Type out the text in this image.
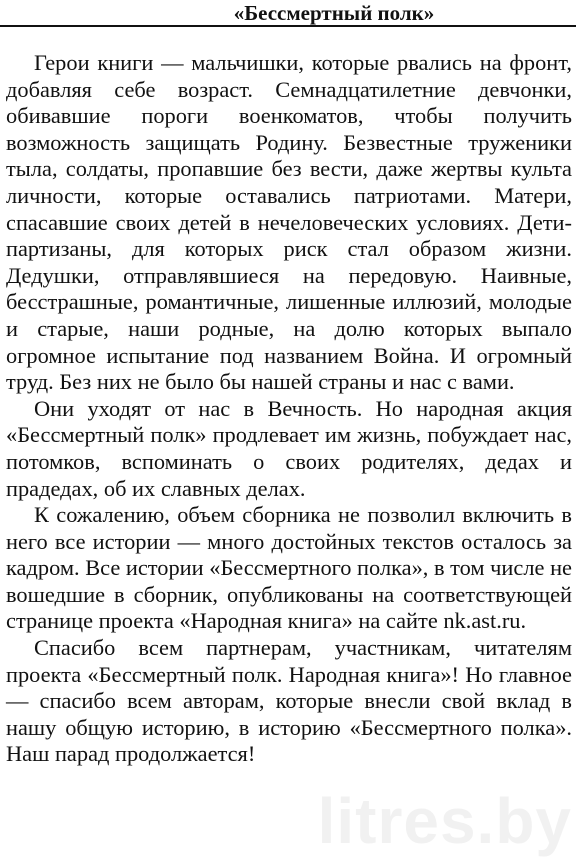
«Бессмертный полк»

Герои книги — мальчишки, которые рвались на фронт, добавляя себе возраст. Семнадцатилетние девчонки, обивавшие пороги военкоматов, чтобы получить возможность защищать Родину. Безвестные труженики тыла, солдаты, пропавшие без вести, даже жертвы культа личности, которые оставались патриотами. Матери, спасавшие своих детей в нечеловеческих условиях. Дети-партизаны, для которых риск стал образом жизни. Дедушки, отправлявшиеся на передовую. Наивные, бесстрашные, романтичные, лишенные иллюзий, молодые и старые, наши родные, на долю которых выпало огромное испытание под названием Война. И огромный труд. Без них не было бы нашей страны и нас с вами.

Они уходят от нас в Вечность. Но народная акция «Бессмертный полк» продлевает им жизнь, побуждает нас, потомков, вспоминать о своих родителях, дедах и прадедах, об их славных делах.

К сожалению, объем сборника не позволил включить в него все истории — много достойных текстов осталось за кадром. Все истории «Бессмертного полка», в том числе не вошедшие в сборник, опубликованы на соответствующей странице проекта «Народная книга» на сайте nk.ast.ru.

Спасибо всем партнерам, участникам, читателям проекта «Бессмертный полк. Народная книга»! Но главное — спасибо всем авторам, которые внесли свой вклад в нашу общую историю, в историю «Бессмертного полка». Наш парад продолжается!

litres.by
